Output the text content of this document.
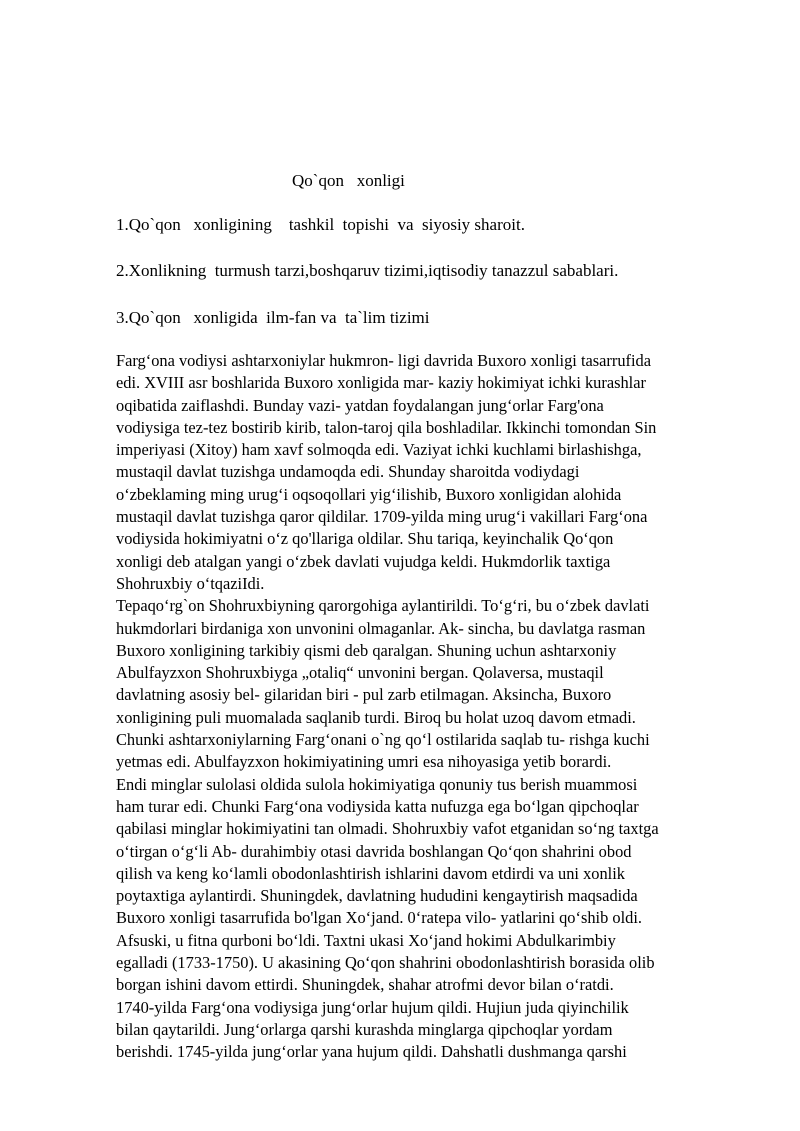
Qo`qon   xonligi
1.Qo`qon   xonligining    tashkil  topishi  va  siyosiy sharoit.
2.Xonlikning  turmush tarzi,boshqaruv tizimi,iqtisodiy tanazzul sabablari.
3.Qo`qon   xonligida  ilm-fan va  ta`lim tizimi
Farg‘ona vodiysi ashtarxoniylar hukmron- ligi davrida Buxoro xonligi tasarrufida
edi. XVIII asr boshlarida Buxoro xonligida mar- kaziy hokimiyat ichki kurashlar
oqibatida zaiflashdi. Bunday vazi- yatdan foydalangan jung‘orlar Farg'ona
vodiysiga tez-tez bostirib kirib, talon-taroj qila boshladilar. Ikkinchi tomondan Sin
imperiyasi (Xitoy) ham xavf solmoqda edi. Vaziyat ichki kuchlami birlashishga,
mustaqil davlat tuzishga undamoqda edi. Shunday sharoitda vodiydagi
o‘zbeklaming ming urug‘i oqsoqollari yig‘ilishib, Buxoro xonligidan alohida
mustaqil davlat tuzishga qaror qildilar. 1709-yilda ming urug‘i vakillari Farg‘ona
vodiysida hokimiyatni o‘z qo'llariga oldilar. Shu tariqa, keyinchalik Qo‘qon
xonligi deb atalgan yangi o‘zbek davlati vujudga keldi. Hukmdorlik taxtiga
Shohruxbiy o‘tqaziIdi.
Tepaqo‘rg`on Shohruxbiyning qarorgohiga aylantirildi. To‘g‘ri, bu o‘zbek davlati
hukmdorlari birdaniga xon unvonini olmaganlar. Ak- sincha, bu davlatga rasman
Buxoro xonligining tarkibiy qismi deb qaralgan. Shuning uchun ashtarxoniy
Abulfayzxon Shohruxbiyga „otaliq“ unvonini bergan. Qolaversa, mustaqil
davlatning asosiy bel- gilaridan biri - pul zarb etilmagan. Aksincha, Buxoro
xonligining puli muomalada saqlanib turdi. Biroq bu holat uzoq davom etmadi.
Chunki ashtarxoniylarning Farg‘onani o`ng qo‘l ostilarida saqlab tu- rishga kuchi
yetmas edi. Abulfayzxon hokimiyatining umri esa nihoyasiga yetib borardi.
Endi minglar sulolasi oldida sulola hokimiyatiga qonuniy tus berish muammosi
ham turar edi. Chunki Farg‘ona vodiysida katta nufuzga ega bo‘lgan qipchoqlar
qabilasi minglar hokimiyatini tan olmadi. Shohruxbiy vafot etganidan so‘ng taxtga
o‘tirgan o‘g‘li Ab- durahimbiy otasi davrida boshlangan Qo‘qon shahrini obod
qilish va keng ko‘lamli obodonlashtirish ishlarini davom etdirdi va uni xonlik
poytaxtiga aylantirdi. Shuningdek, davlatning hududini kengaytirish maqsadida
Buxoro xonligi tasarrufida bo'lgan Xo‘jand. 0‘ratepa vilo- yatlarini qo‘shib oldi.
Afsuski, u fitna qurboni bo‘ldi. Taxtni ukasi Xo‘jand hokimi Abdulkarimbiy
egalladi (1733-1750). U akasining Qo‘qon shahrini obodonlashtirish borasida olib
borgan ishini davom ettirdi. Shuningdek, shahar atrofmi devor bilan o‘ratdi.
1740-yilda Farg‘ona vodiysiga jung‘orlar hujum qildi. Hujiun juda qiyinchilik
bilan qaytarildi. Jung‘orlarga qarshi kurashda minglarga qipchoqlar yordam
berishdi. 1745-yilda jung‘orlar yana hujum qildi. Dahshatli dushmanga qarshi
